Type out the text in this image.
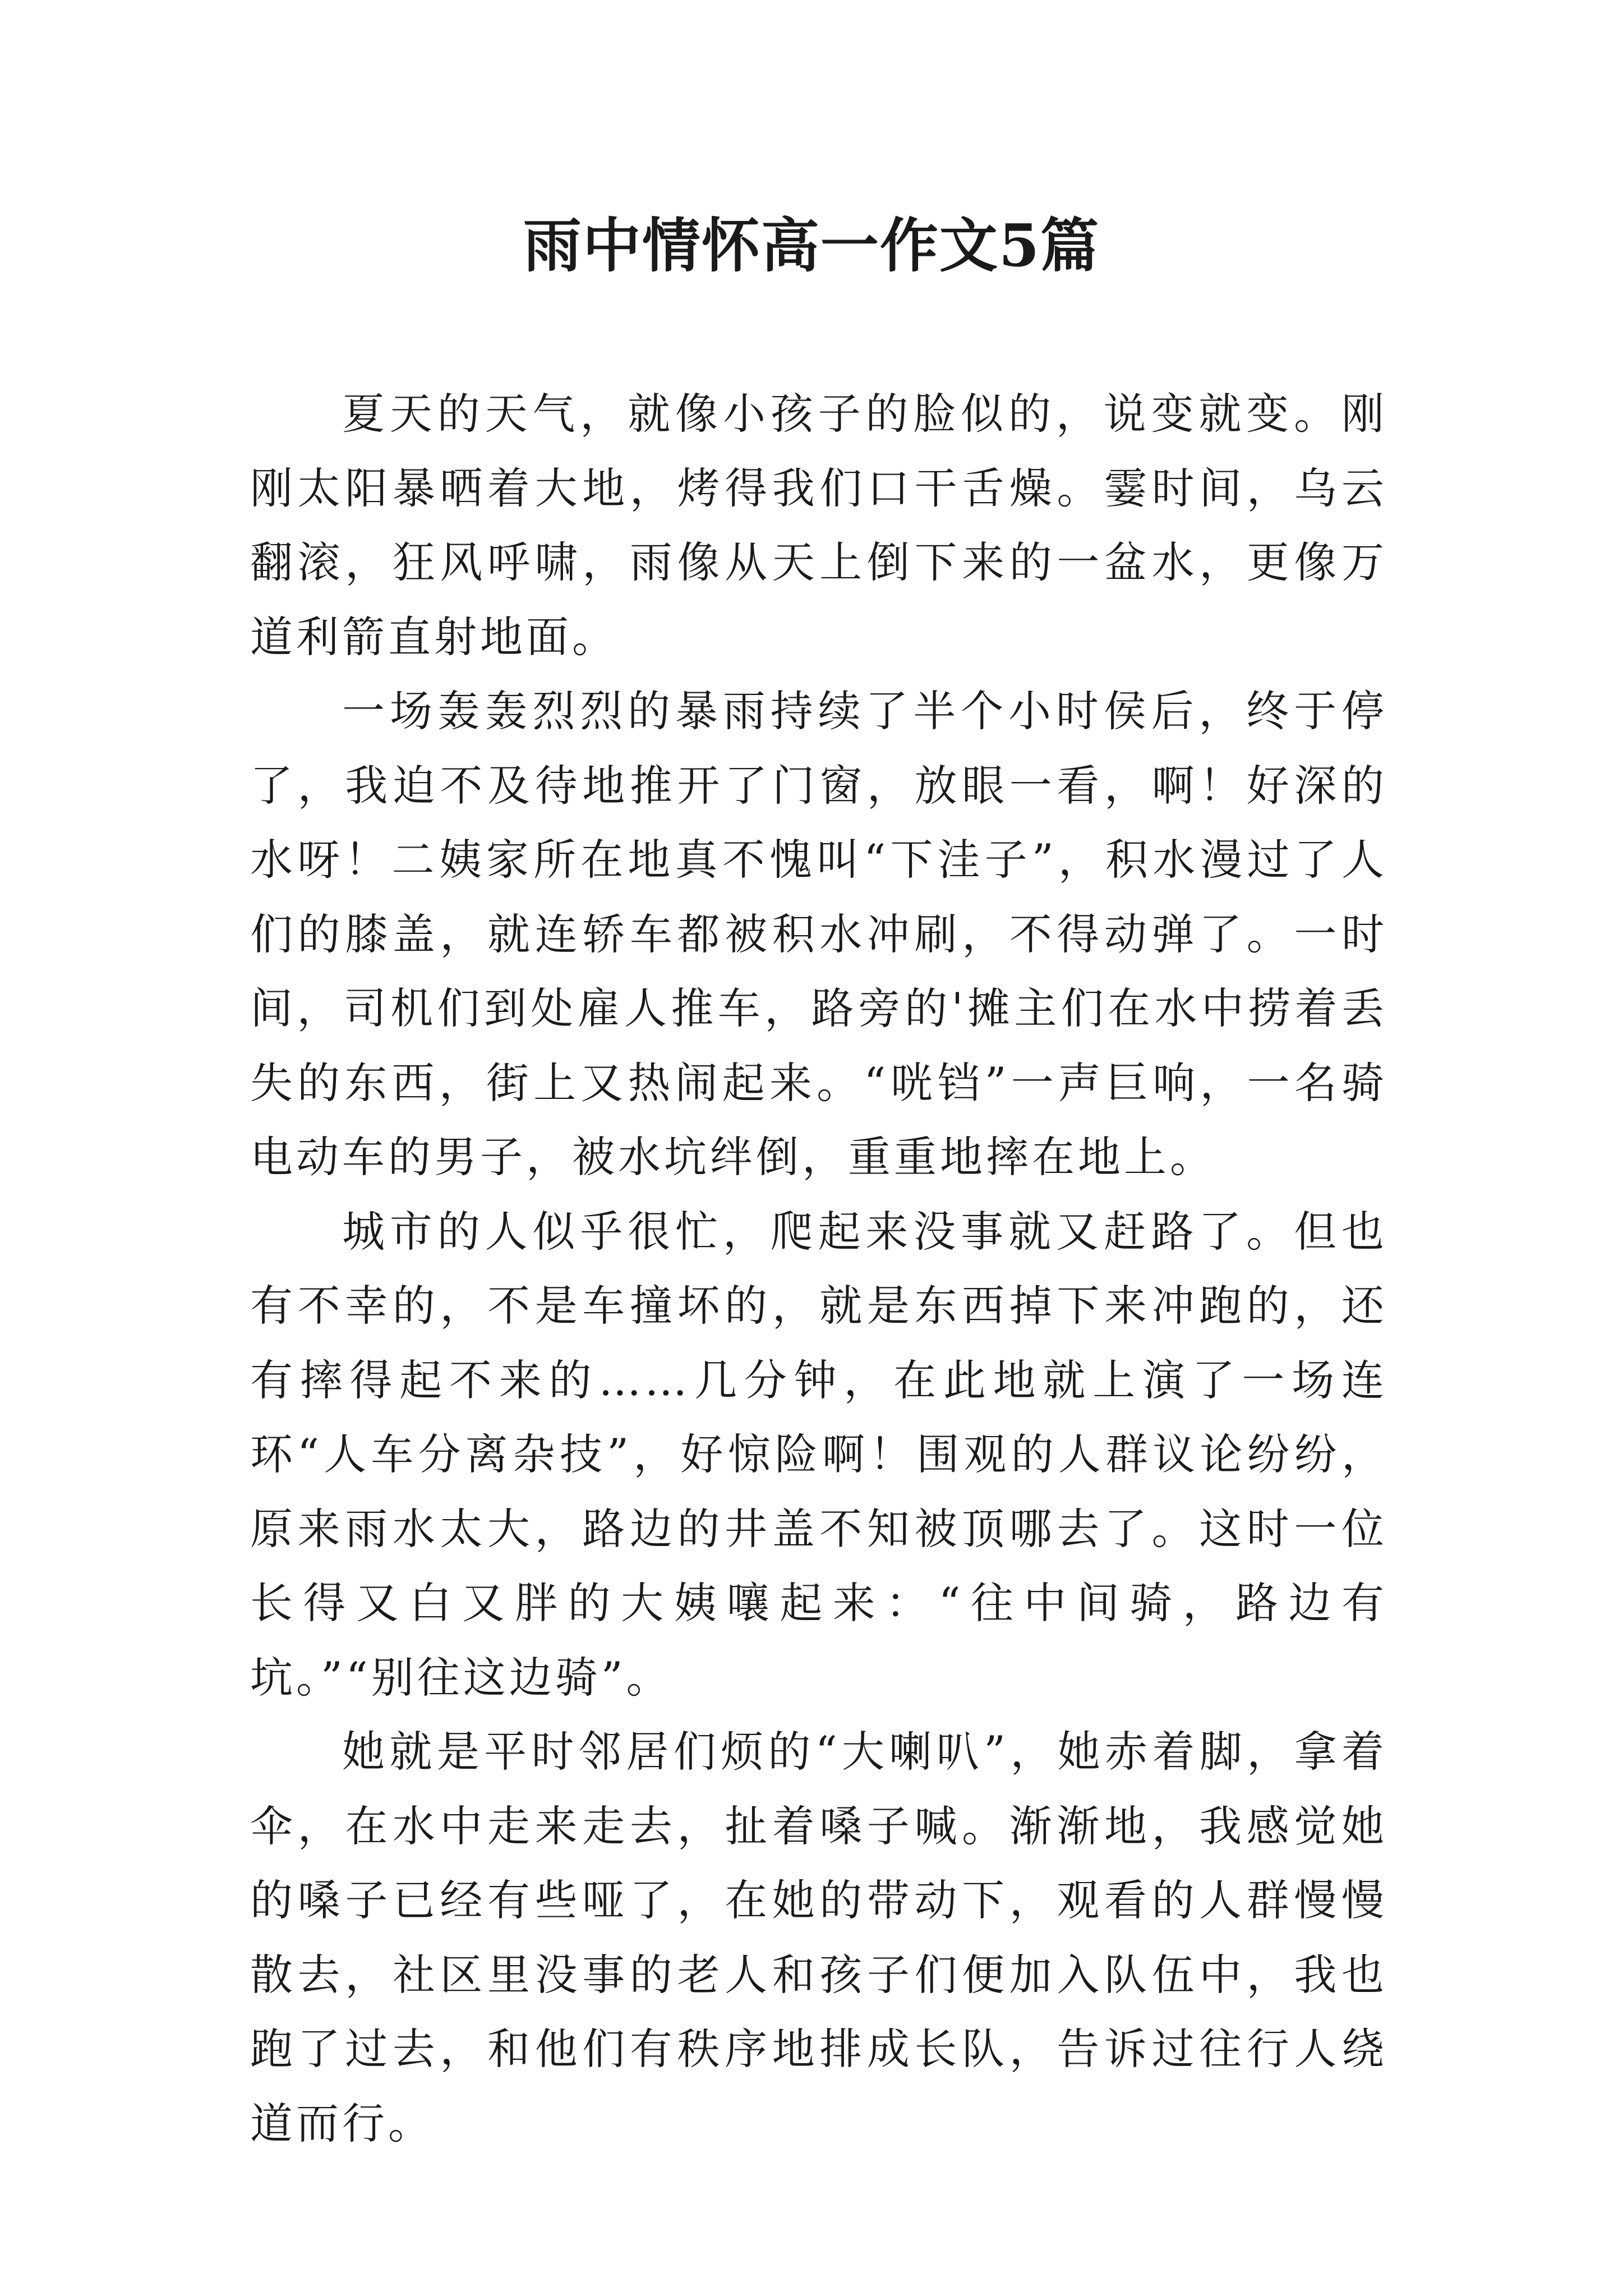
雨中情怀高一作文5篇

夏天的天气，就像小孩子的脸似的，说变就变。刚刚太阳暴晒着大地，烤得我们口干舌燥。霎时间，乌云翻滚，狂风呼啸，雨像从天上倒下来的一盆水，更像万道利箭直射地面。

一场轰轰烈烈的暴雨持续了半个小时侯后，终于停了，我迫不及待地推开了门窗，放眼一看，啊！好深的水呀！二姨家所在地真不愧叫“下洼子”，积水漫过了人们的膝盖，就连轿车都被积水冲刷，不得动弹了。一时间，司机们到处雇人推车，路旁的'摊主们在水中捞着丢失的东西，街上又热闹起来。“咣铛”一声巨响，一名骑电动车的男子，被水坑绊倒，重重地摔在地上。

城市的人似乎很忙，爬起来没事就又赶路了。但也有不幸的，不是车撞坏的，就是东西掉下来冲跑的，还有摔得起不来的……几分钟，在此地就上演了一场连环“人车分离杂技”，好惊险啊！围观的人群议论纷纷，原来雨水太大，路边的井盖不知被顶哪去了。这时一位长得又白又胖的大姨嚷起来：“往中间骑，路边有坑。”“别往这边骑”。

她就是平时邻居们烦的“大喇叭”，她赤着脚，拿着伞，在水中走来走去，扯着嗓子喊。渐渐地，我感觉她的嗓子已经有些哑了，在她的带动下，观看的人群慢慢散去，社区里没事的老人和孩子们便加入队伍中，我也跑了过去，和他们有秩序地排成长队，告诉过往行人绕道而行。
